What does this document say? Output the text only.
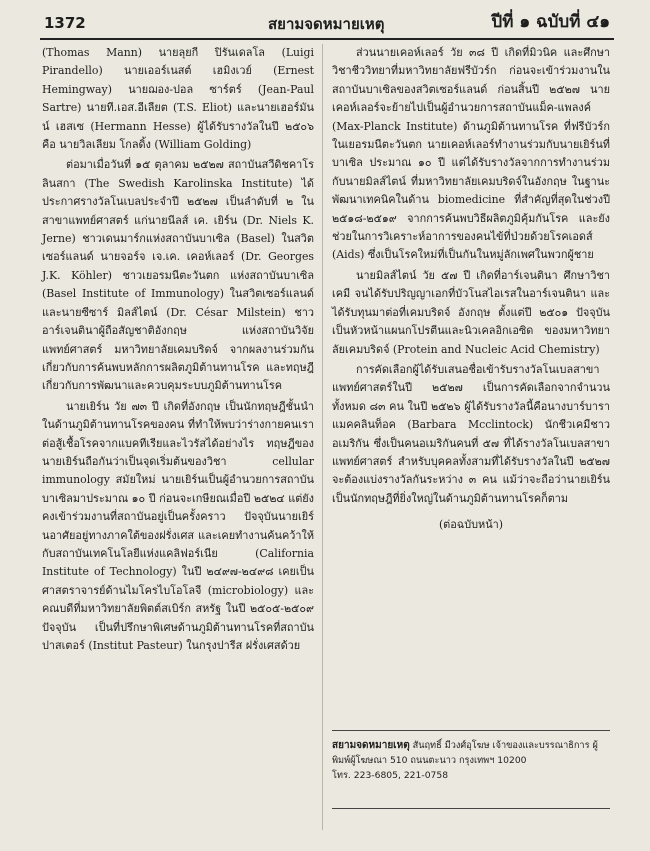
1372	สยามจดหมายเหตุ	ปีที่ ๑ ฉบับที่ ๔๑

(Thomas Mann) นายลุยกี ปิรันเดลโล (Luigi Pirandello) นายเออร์เนสต์ เฮมิงเวย์ (Ernest Hemingway) นายฌอง-ปอล ซาร์ตร์ (Jean-Paul Sartre) นายที.เอส.อีเลียต (T.S. Eliot) และนายเฮอร์มันน์ เฮสเซ (Hermann Hesse) ผู้ได้รับรางวัลในปี ๒๕๐๖ คือ นายวิลเลียม โกลดิ้ง (William Golding)

ต่อมาเมื่อวันที่ ๑๕ ตุลาคม ๒๕๒๗ สถาบันสวีดิชคาโรลินสกา (The Swedish Karolinska Institute) ได้ประกาศรางวัลโนเบลประจำปี ๒๕๒๗ เป็นลำดับที่ ๒ ในสาขาแพทย์ศาสตร์ แก่นายนีลส์ เค. เยิร์น (Dr. Niels K. Jerne) ชาวเดนมาร์กแห่งสถาบันบาเซิล (Basel) ในสวิตเซอร์แลนด์ นายจอร์จ เจ.เค. เคอห์เลอร์ (Dr. Georges J.K. Köhler) ชาวเยอรมนีตะวันตก แห่งสถาบันบาเซิล (Basel Institute of Immunology) ในสวิตเซอร์แลนด์ และนายซีซาร์ มิลส์ไตน์ (Dr. César Milstein) ชาวอาร์เจนตินาผู้ถือสัญชาติอังกฤษ แห่งสถาบันวิจัยแพทย์ศาสตร์ มหาวิทยาลัยเคมบริดจ์ จากผลงานร่วมกัน เกี่ยวกับการค้นพบหลักการผลิตภูมิต้านทานโรค และทฤษฎีเกี่ยวกับการพัฒนาและควบคุมระบบภูมิต้านทานโรค

นายเยิร์น วัย ๗๓ ปี เกิดที่อังกฤษ เป็นนักทฤษฎีชั้นนำในด้านภูมิต้านทานโรคของคน ที่ทำให้พบว่าร่างกายคนเรา ต่อสู้เชื้อโรคจากแบคทีเรียและไวรัสได้อย่างไร ทฤษฎีของนายเยิร์นถือกันว่าเป็นจุดเริ่มต้นของวิชา cellular immunology สมัยใหม่ นายเยิร์นเป็นผู้อำนวยการสถาบันบาเซิลมาประมาณ ๑๐ ปี ก่อนจะเกษียณเมื่อปี ๒๕๒๔ แต่ยังคงเข้าร่วมงานที่สถาบันอยู่เป็นครั้งคราว ปัจจุบันนายเยิร์นอาศัยอยู่ทางภาคใต้ของฝรั่งเศส และเคยทำงานค้นคว้าให้กับสถาบันเทคโนโลยีแห่งแคลิฟอร์เนีย (California Institute of Technology) ในปี ๒๔๙๗-๒๔๙๘ เคยเป็นศาสตราจารย์ด้านไมโครไบโอโลจี (microbiology) และคณบดีที่มหาวิทยาลัยพิตต์สเบิร์ก สหรัฐ ในปี ๒๕๐๕-๒๕๐๙ ปัจจุบัน เป็นที่ปรึกษาพิเศษด้านภูมิต้านทานโรคที่สถาบันปาสเตอร์ (Institut Pasteur) ในกรุงปารีส ฝรั่งเศสด้วย

ส่วนนายเคอห์เลอร์ วัย ๓๘ ปี เกิดที่มิวนิค และศึกษาวิชาชีววิทยาที่มหาวิทยาลัยฟรีบัวร์ก ก่อนจะเข้าร่วมงานในสถาบันบาเซิลของสวิตเซอร์แลนด์ ก่อนสิ้นปี ๒๕๒๗ นายเคอห์เลอร์จะย้ายไปเป็นผู้อำนวยการสถาบันแม็ค-แพลงค์ (Max-Planck Institute) ด้านภูมิต้านทานโรค ที่ฟรีบัวร์กในเยอรมนีตะวันตก นายเคอห์เลอร์ทำงานร่วมกับนายเยิร์นที่บาเซิล ประมาณ ๑๐ ปี แต่ได้รับรางวัลจากการทำงานร่วมกับนายมิลส์ไตน์ ที่มหาวิทยาลัยเคมบริดจ์ในอังกฤษ ในฐานะพัฒนาเทคนิคในด้าน biomedicine ที่สำคัญที่สุดในช่วงปี ๒๕๑๘-๒๕๑๙ จากการค้นพบวิธีผลิตภูมิคุ้มกันโรค และยังช่วยในการวิเคราะห์อาการของคนไข้ที่ป่วยด้วยโรคเอดส์ (Aids) ซึ่งเป็นโรคใหม่ที่เป็นกันในหมู่ลักเพศในพวกผู้ชาย

นายมิลส์ไตน์ วัย ๕๗ ปี เกิดที่อาร์เจนตินา ศึกษาวิชาเคมี จนได้รับปริญญาเอกที่บัวโนสไอเรสในอาร์เจนตินา และได้รับทุนมาต่อที่เคมบริดจ์ อังกฤษ ตั้งแต่ปี ๒๕๐๑ ปัจจุบันเป็นหัวหน้าแผนกโปรตีนและนิวเคลอิกเอซิด ของมหาวิทยาลัยเคมบริดจ์ (Protein and Nucleic Acid Chemistry)

การคัดเลือกผู้ได้รับเสนอชื่อเข้ารับรางวัลโนเบลสาขาแพทย์ศาสตร์ในปี ๒๕๒๗ เป็นการคัดเลือกจากจำนวนทั้งหมด ๘๓ คน ในปี ๒๕๒๖ ผู้ได้รับรางวัลนี้คือนางบาร์บารา แมคคลินท็อค (Barbara Mcclintock) นักชีวเคมีชาวอเมริกัน ซึ่งเป็นคนอเมริกันคนที่ ๕๗ ที่ได้รางวัลโนเบลสาขาแพทย์ศาสตร์ สำหรับบุคคลทั้งสามที่ได้รับรางวัลในปี ๒๕๒๗ จะต้องแบ่งรางวัลกันระหว่าง ๓ คน แม้ว่าจะถือว่านายเยิร์นเป็นนักทฤษฎีที่ยิ่งใหญ่ในด้านภูมิต้านทานโรคก็ตาม

(ต่อฉบับหน้า)

สยามจดหมายเหตุ สันฤทธิ์ มีวงศ์อุโฆษ เจ้าของและบรรณาธิการ ผู้พิมพ์ผู้โฆษณา 510 ถนนตะนาว กรุงเทพฯ 10200
โทร. 223-6805, 221-0758
